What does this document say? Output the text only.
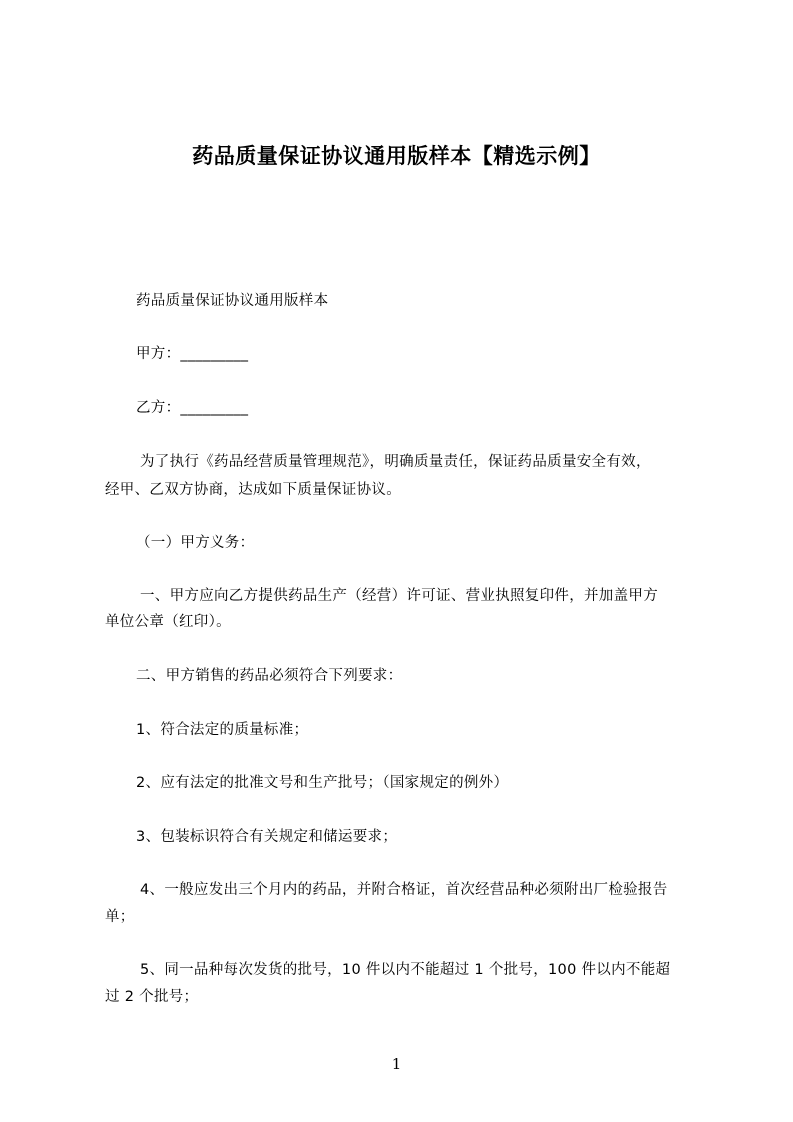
药品质量保证协议通用版样本【精选示例】
药品质量保证协议通用版样本
甲方：_________
乙方：_________
为了执行《药品经营质量管理规范》，明确质量责任，保证药品质量安全有效，
经甲、乙双方协商，达成如下质量保证协议。
（一）甲方义务：
一、甲方应向乙方提供药品生产（经营）许可证、营业执照复印件，并加盖甲方
单位公章（红印）。
二、甲方销售的药品必须符合下列要求：
1、符合法定的质量标准；
2、应有法定的批准文号和生产批号；（国家规定的例外）
3、包装标识符合有关规定和储运要求；
4、一般应发出三个月内的药品，并附合格证，首次经营品种必须附出厂检验报告
单；
5、同一品种每次发货的批号，10 件以内不能超过 1 个批号，100 件以内不能超
过 2 个批号；
1
